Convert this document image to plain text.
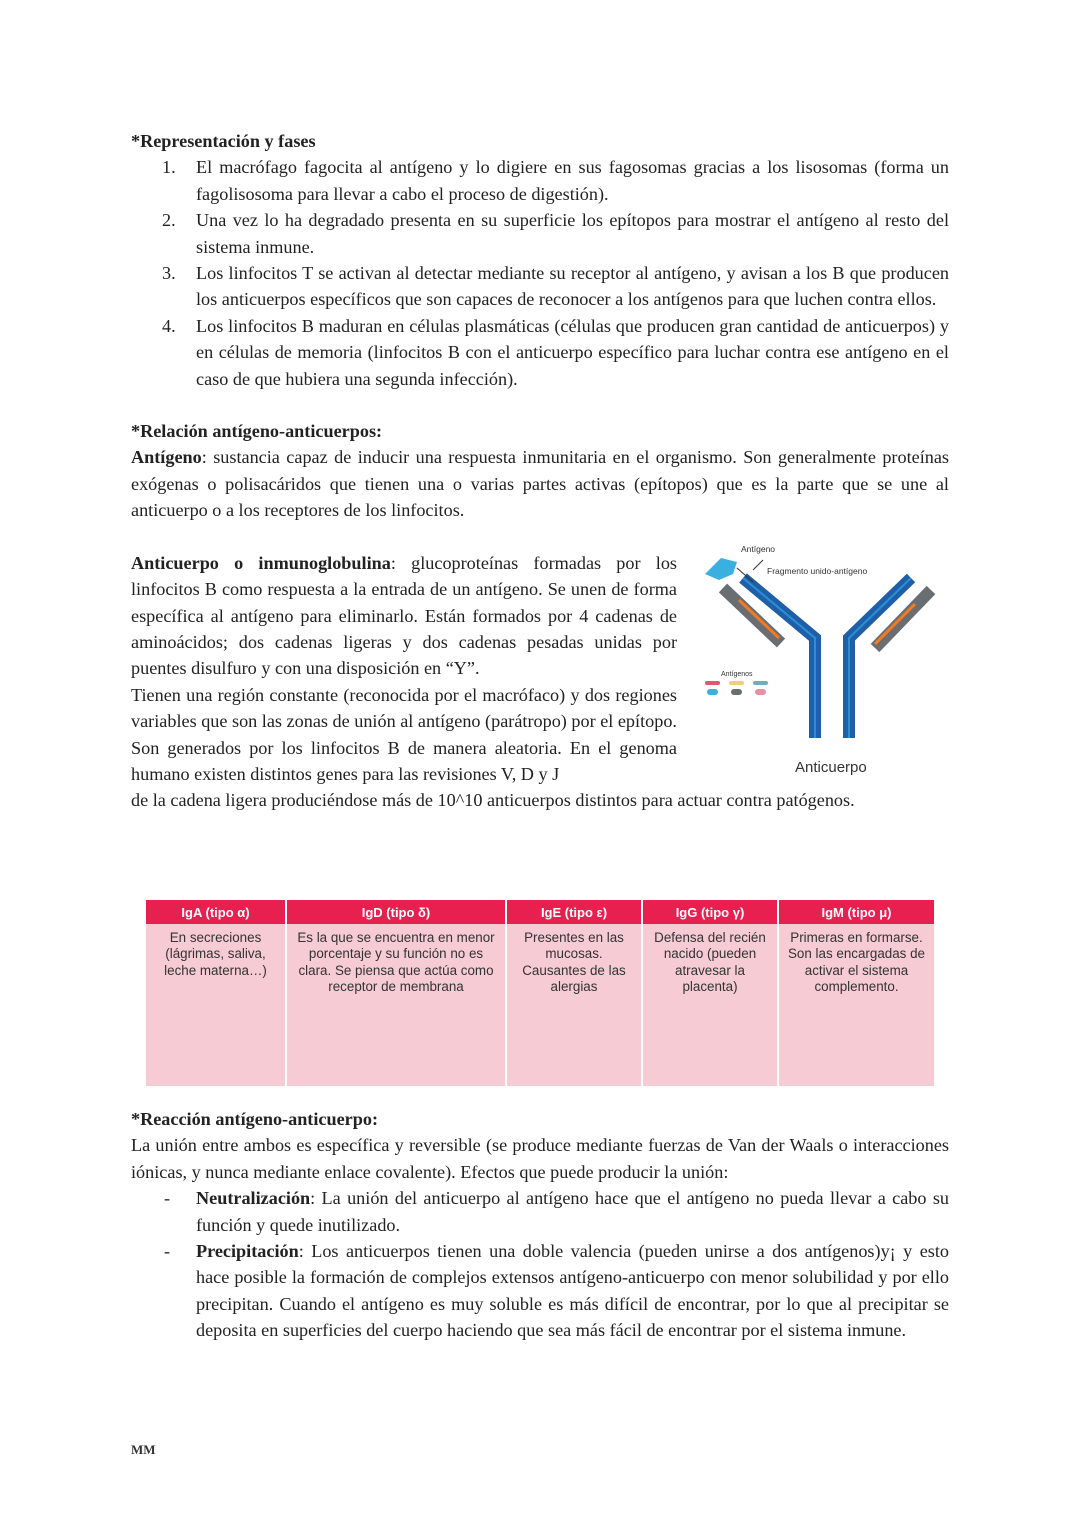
*Representación y fases

1. El macrófago fagocita al antígeno y lo digiere en sus fagosomas gracias a los lisosomas (forma un fagolisosoma para llevar a cabo el proceso de digestión).
2. Una vez lo ha degradado presenta en su superficie los epítopos para mostrar el antígeno al resto del sistema inmune.
3. Los linfocitos T se activan al detectar mediante su receptor al antígeno, y avisan a los B que producen los anticuerpos específicos que son capaces de reconocer a los antígenos para que luchen contra ellos.
4. Los linfocitos B maduran en células plasmáticas (células que producen gran cantidad de anticuerpos) y en células de memoria (linfocitos B con el anticuerpo específico para luchar contra ese antígeno en el caso de que hubiera una segunda infección).

*Relación antígeno-anticuerpos:

Antígeno: sustancia capaz de inducir una respuesta inmunitaria en el organismo. Son generalmente proteínas exógenas o polisacáridos que tienen una o varias partes activas (epítopos) que es la parte que se une al anticuerpo o a los receptores de los linfocitos.

Anticuerpo o inmunoglobulina: glucoproteínas formadas por los linfocitos B como respuesta a la entrada de un antígeno. Se unen de forma específica al antígeno para eliminarlo. Están formados por 4 cadenas de aminoácidos; dos cadenas ligeras y dos cadenas pesadas unidas por puentes disulfuro y con una disposición en “Y”.

Tienen una región constante (reconocida por el macrófaco) y dos regiones variables que son las zonas de unión al antígeno (parátropo) por el epítopo.

Son generados por los linfocitos B de manera aleatoria. En el genoma humano existen distintos genes para las revisiones V, D y J

Antígeno
Fragmento unido-antígeno
Antígenos
Anticuerpo

de la cadena ligera produciéndose más de 10^10 anticuerpos distintos para actuar contra patógenos.

IgA (tipo α)	IgD (tipo δ)	IgE (tipo ε)	IgG (tipo γ)	IgM (tipo μ)
En secreciones (lágrimas, saliva, leche materna…)	Es la que se encuentra en menor porcentaje y su función no es clara. Se piensa que actúa como receptor de membrana	Presentes en las mucosas. Causantes de las alergias	Defensa del recién nacido (pueden atravesar la placenta)	Primeras en formarse. Son las encargadas de activar el sistema complemento.

*Reacción antígeno-anticuerpo:

La unión entre ambos es específica y reversible (se produce mediante fuerzas de Van der Waals o interacciones iónicas, y nunca mediante enlace covalente). Efectos que puede producir la unión:

- Neutralización: La unión del anticuerpo al antígeno hace que el antígeno no pueda llevar a cabo su función y quede inutilizado.
- Precipitación: Los anticuerpos tienen una doble valencia (pueden unirse a dos antígenos)y¡ y esto hace posible la formación de complejos extensos antígeno-anticuerpo con menor solubilidad y por ello precipitan. Cuando el antígeno es muy soluble es más difícil de encontrar, por lo que al precipitar se deposita en superficies del cuerpo haciendo que sea más fácil de encontrar por el sistema inmune.
MM
